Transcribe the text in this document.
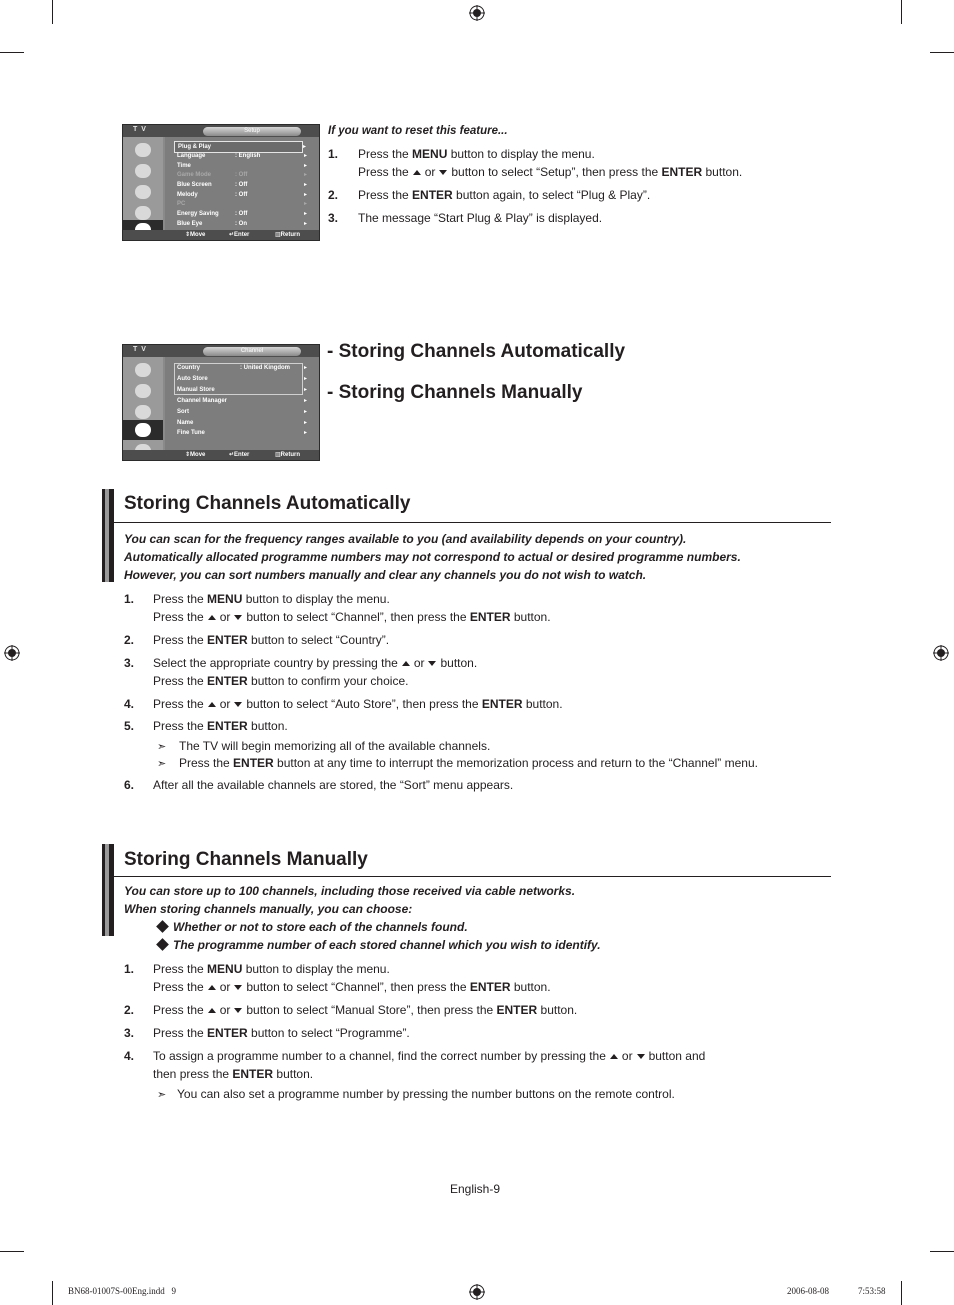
T V	Setup
Plug & Play	▸
Language	: English	▸
Time	▸
Game Mode	: Off	▸
Blue Screen	: Off	▸
Melody	: Off	▸
PC	▸
Energy Saving	: Off	▸
Blue Eye	: On	▸
⇕ Move	↵ Enter	▥ Return
If you want to reset this feature...
1. Press the MENU button to display the menu.
Press the or button to select “Setup”, then press the ENTER button.
2. Press the ENTER button again, to select “Plug & Play”.
3. The message “Start Plug & Play” is displayed.
T V	Channel
Country	: United Kingdom ▸
Auto Store	▸
Manual Store	▸
Channel Manager	▸
Sort	▸
Name	▸
Fine Tune	▸
⇕ Move	↵ Enter	▥ Return
- Storing Channels Automatically
- Storing Channels Manually
Storing Channels Automatically
You can scan for the frequency ranges available to you (and availability depends on your country).
Automatically allocated programme numbers may not correspond to actual or desired programme numbers.
However, you can sort numbers manually and clear any channels you do not wish to watch.
1. Press the MENU button to display the menu.
Press the or button to select “Channel”, then press the ENTER button.
2. Press the ENTER button to select “Country”.
3. Select the appropriate country by pressing the or button.
Press the ENTER button to confirm your choice.
4. Press the or button to select “Auto Store”, then press the ENTER button.
5. Press the ENTER button.
➣ The TV will begin memorizing all of the available channels.
➣ Press the ENTER button at any time to interrupt the memorization process and return to the “Channel” menu.
6. After all the available channels are stored, the “Sort” menu appears.
Storing Channels Manually
You can store up to 100 channels, including those received via cable networks.
When storing channels manually, you can choose:
Whether or not to store each of the channels found.
The programme number of each stored channel which you wish to identify.
1. Press the MENU button to display the menu.
Press the or button to select “Channel”, then press the ENTER button.
2. Press the or button to select “Manual Store”, then press the ENTER button.
3. Press the ENTER button to select “Programme”.
4. To assign a programme number to a channel, find the correct number by pressing the or button and
then press the ENTER button.
➣ You can also set a programme number by pressing the number buttons on the remote control.
English-9
BN68-01007S-00Eng.indd   9	2006-08-08	7:53:58
